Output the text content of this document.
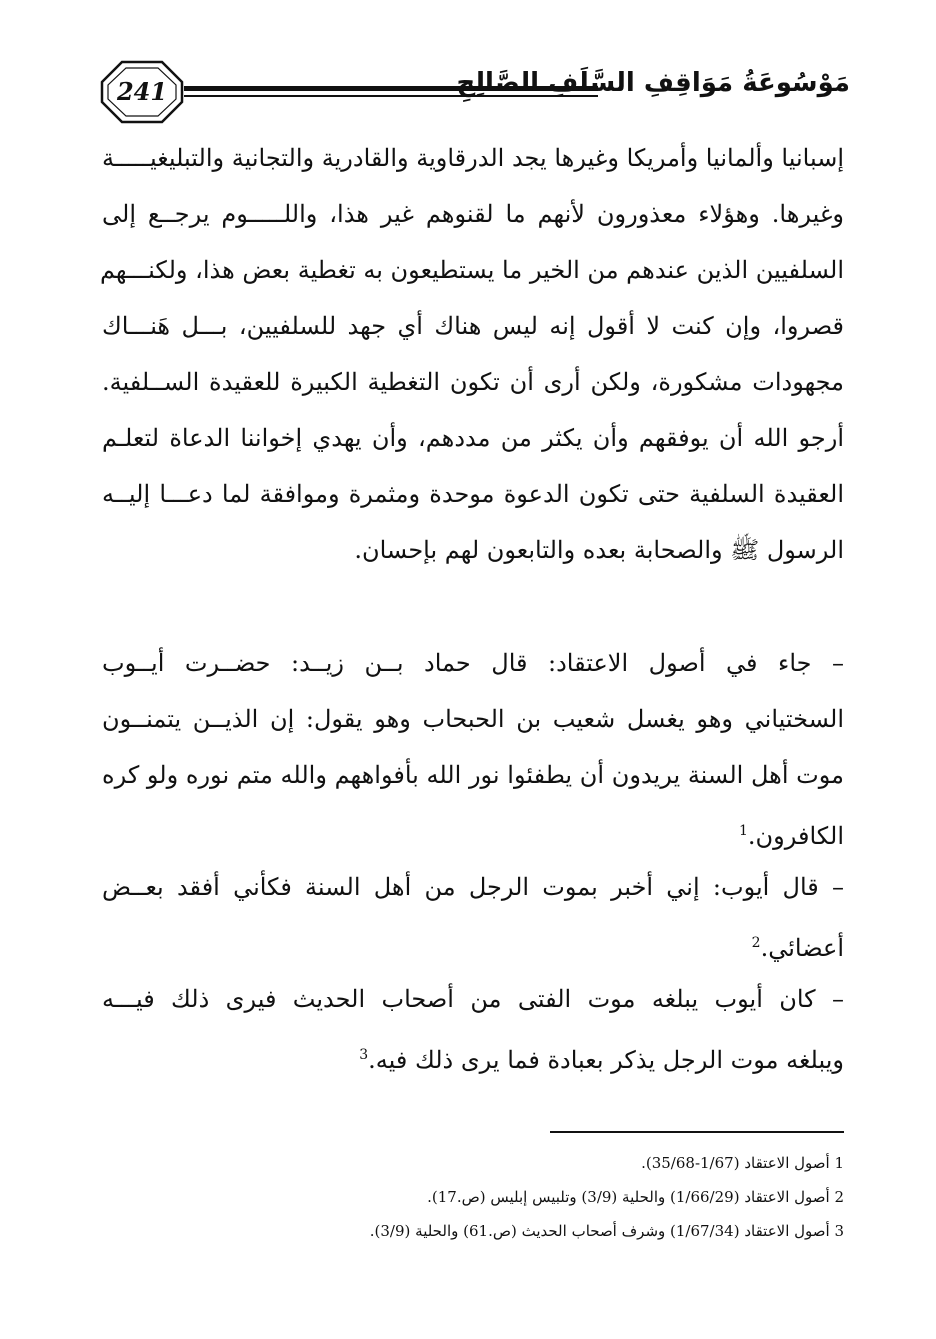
241	مَوْسُوعَةُ مَوَاقِفِ السَّلَفِ الصَّالِحِ
إسبانيا وألمانيا وأمريكا وغيرها يجد الدرقاوية والقادرية والتجانية والتبليغيـــــة
وغيرها. وهؤلاء معذورون لأنهم ما لقنوهم غير هذا، واللـــــوم يرجــع إلى
السلفيين الذين عندهم من الخير ما يستطيعون به تغطية بعض هذا، ولكنـــهم
قصروا، وإن كنت لا أقول إنه ليس هناك أي جهد للسلفيين، بـــل هَنـــاك
مجهودات مشكورة، ولكن أرى أن تكون التغطية الكبيرة للعقيدة الســلفية.
أرجو الله أن يوفقهم وأن يكثر من مددهم، وأن يهدي إخواننا الدعاة لتعلـم
العقيدة السلفية حتى تكون الدعوة موحدة ومثمرة وموافقة لما دعـــا إليــه
الرسول ﷺ والصحابة بعده والتابعون لهم بإحسان.
– جاء في أصول الاعتقاد: قال حماد بــن زيــد: حضــرت أيــوب
السختياني وهو يغسل شعيب بن الحبحاب وهو يقول: إن الذيــن يتمنــون
موت أهل السنة يريدون أن يطفئوا نور الله بأفواههم والله متم نوره ولو كره
الكافرون.$^1$
– قال أيوب: إني أخبر بموت الرجل من أهل السنة فكأني أفقد بعــض
أعضائي.$^2$
– كان أيوب يبلغه موت الفتى من أصحاب الحديث فيرى ذلك فيـــه
ويبلغه موت الرجل يذكر بعبادة فما يرى ذلك فيه.$^3$
1 أصول الاعتقاد (1/67-35/68).
2 أصول الاعتقاد (1/66/29) والحلية (3/9) وتلبيس إبليس (ص.17).
3 أصول الاعتقاد (1/67/34) وشرف أصحاب الحديث (ص.61) والحلية (3/9).
